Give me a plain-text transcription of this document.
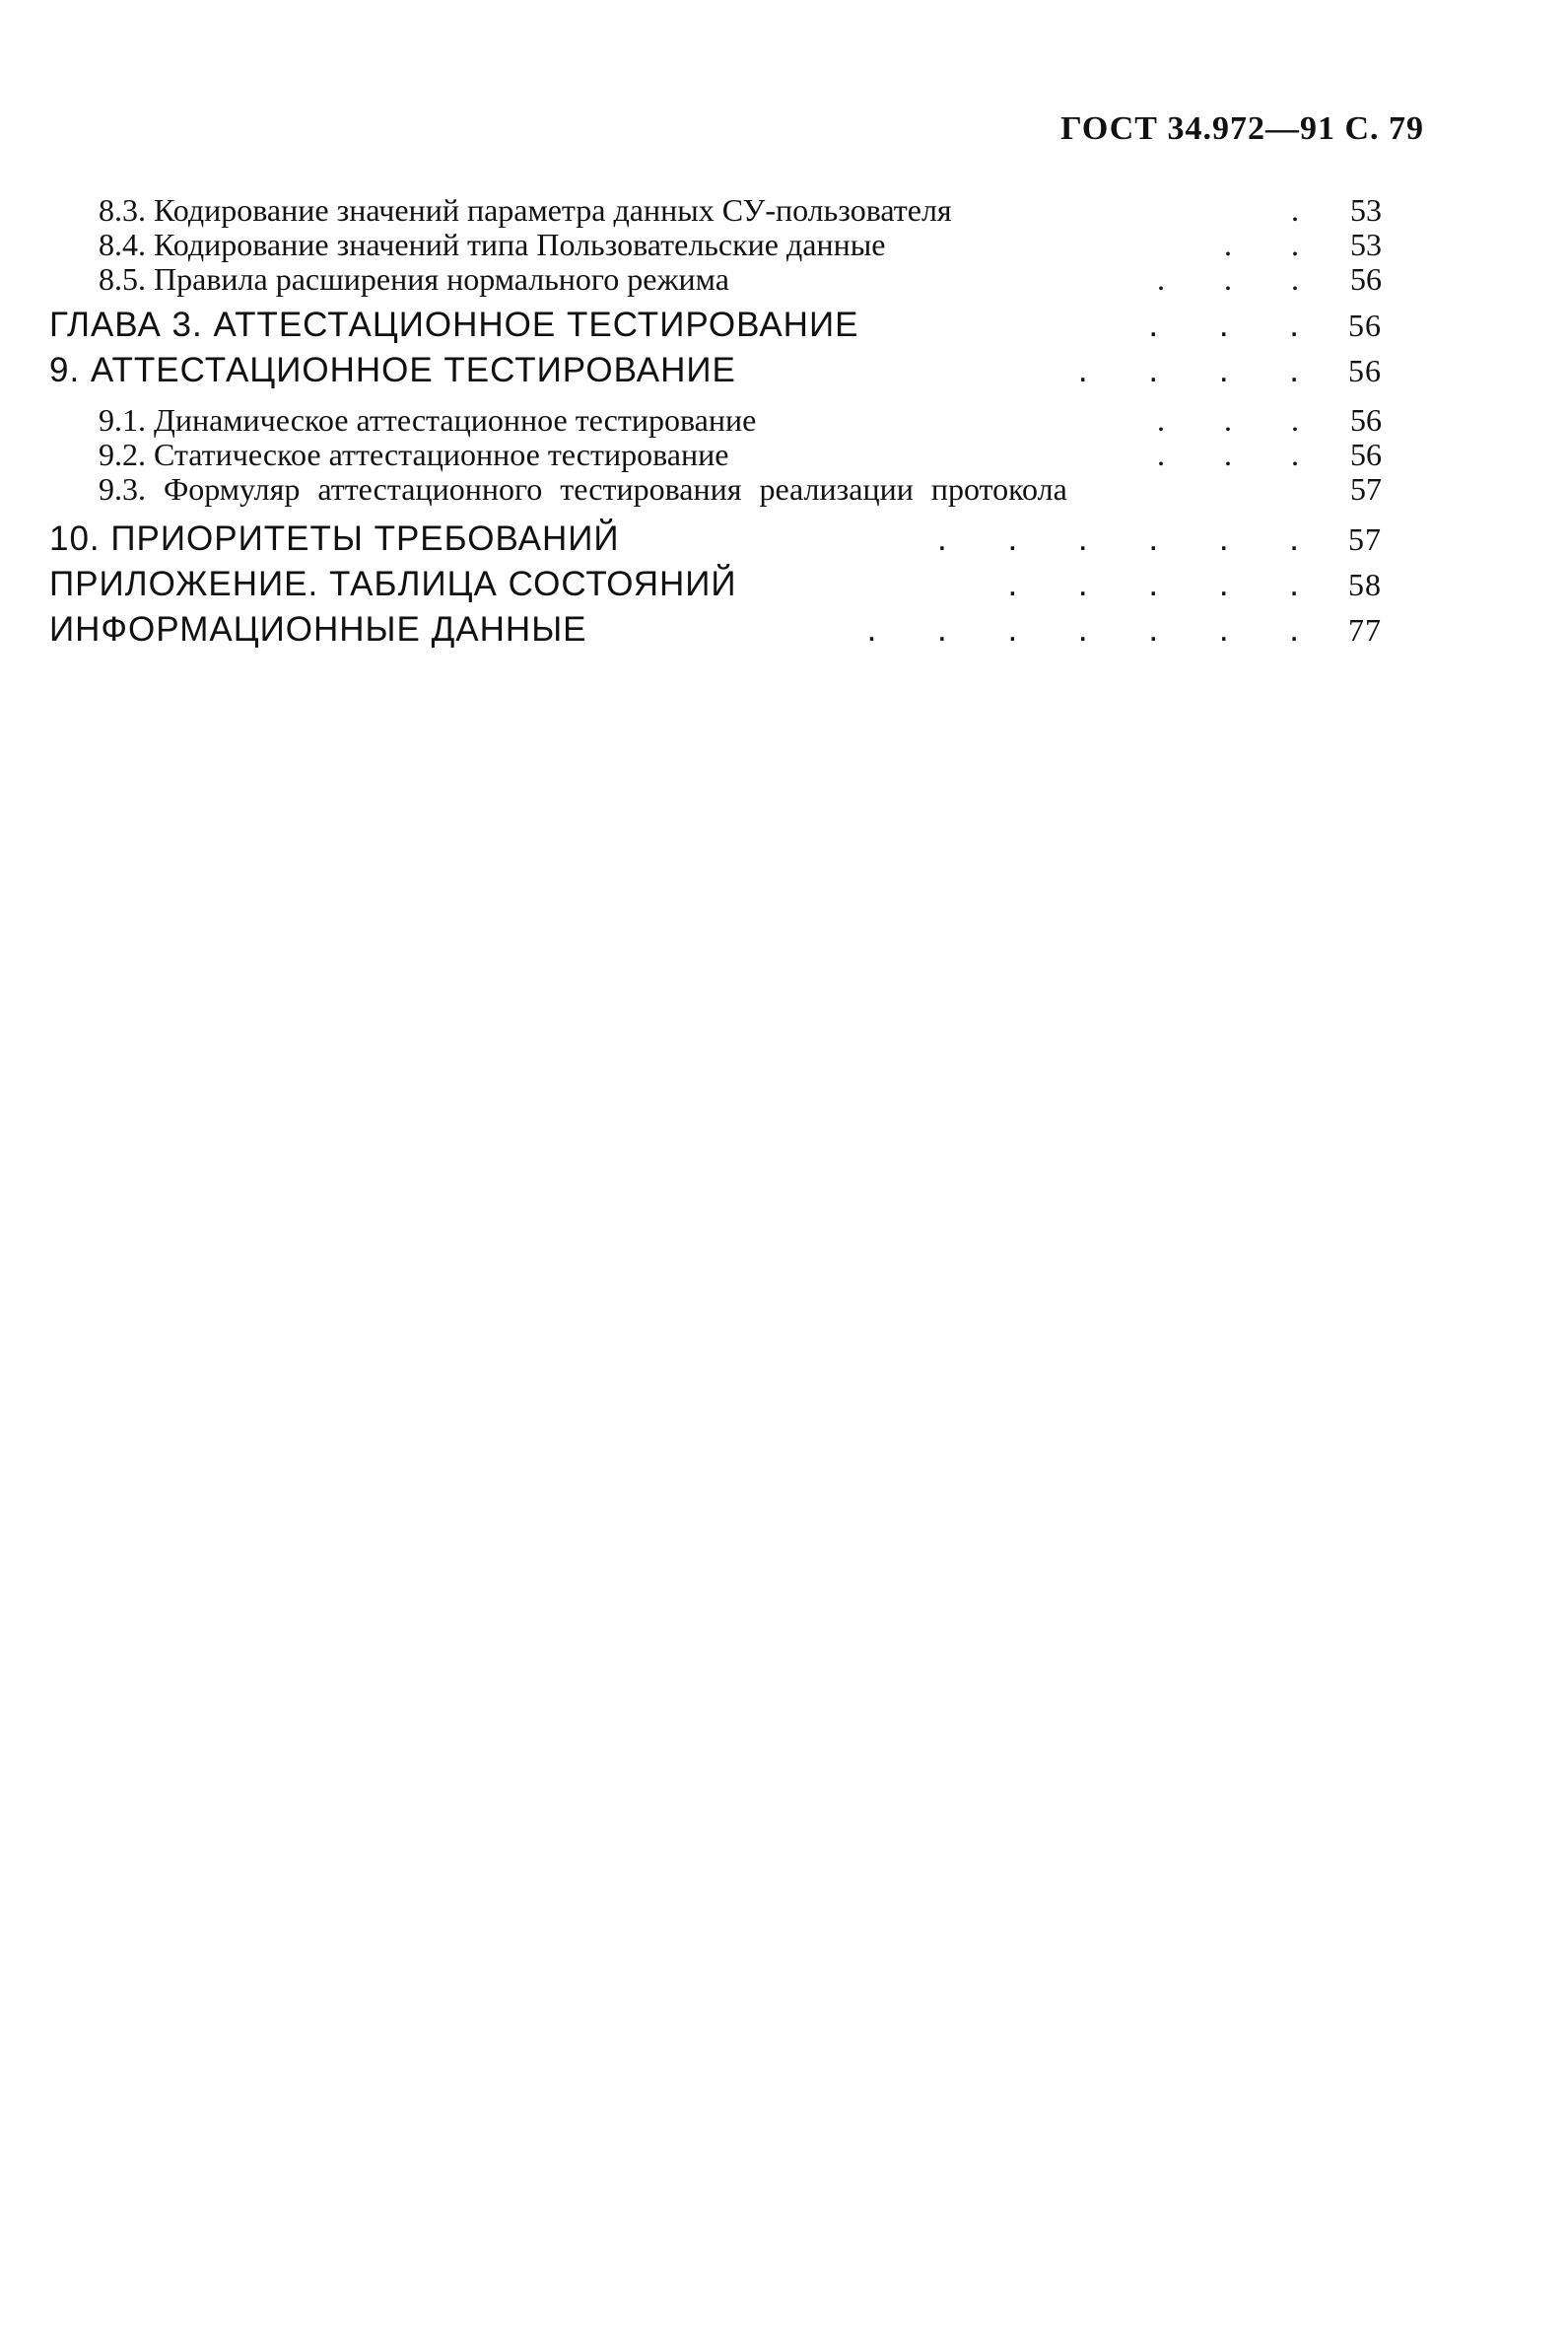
ГОСТ 34.972—91 С. 79
8.3. Кодирование значений параметра данных СУ-пользователя	. 53
8.4. Кодирование значений типа Пользовательские данные	. . 53
8.5. Правила расширения нормального режима	. . . 56
ГЛАВА 3. АТТЕСТАЦИОННОЕ ТЕСТИРОВАНИЕ	. . . 56
9. АТТЕСТАЦИОННОЕ ТЕСТИРОВАНИЕ	. . . . 56
9.1. Динамическое аттестационное тестирование	. . . 56
9.2. Статическое аттестационное тестирование	. . . 56
9.3. Формуляр аттестационного тестирования реализации протокола	57
10. ПРИОРИТЕТЫ ТРЕБОВАНИЙ	. . . . . . 57
ПРИЛОЖЕНИЕ. ТАБЛИЦА СОСТОЯНИЙ	. . . . . 58
ИНФОРМАЦИОННЫЕ ДАННЫЕ	. . . . . . . 77
